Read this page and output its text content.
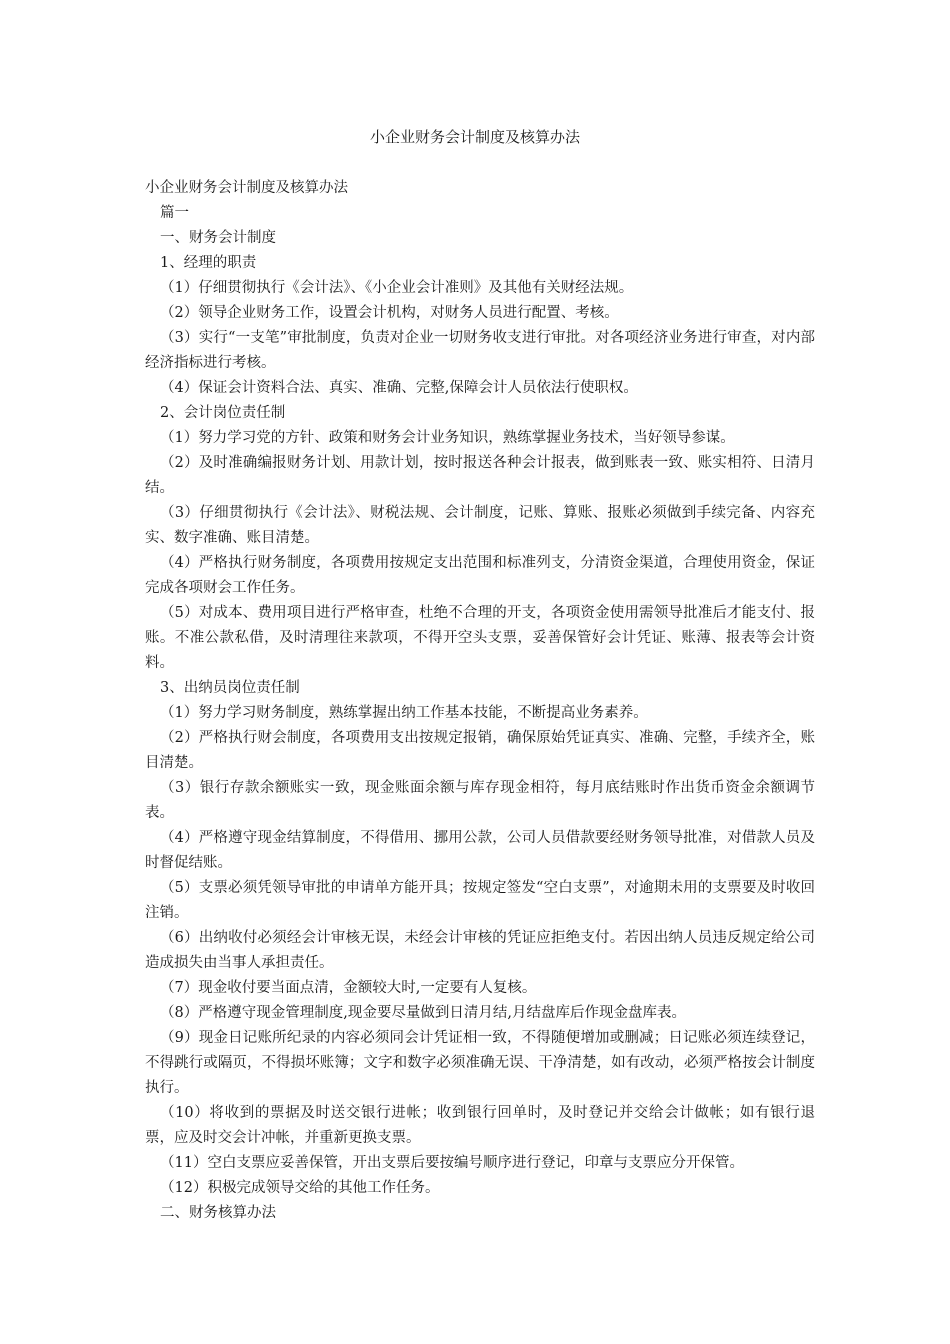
小企业财务会计制度及核算办法

小企业财务会计制度及核算办法

篇一

一、财务会计制度

1、经理的职责

（1）仔细贯彻执行《会计法》、《小企业会计准则》及其他有关财经法规。

（2）领导企业财务工作，设置会计机构，对财务人员进行配置、考核。

（3）实行“一支笔”审批制度，负责对企业一切财务收支进行审批。对各项经济业务进行审查，对内部经济指标进行考核。

（4）保证会计资料合法、真实、准确、完整,保障会计人员依法行使职权。

2、会计岗位责任制

（1）努力学习党的方针、政策和财务会计业务知识，熟练掌握业务技术，当好领导参谋。

（2）及时准确编报财务计划、用款计划，按时报送各种会计报表，做到账表一致、账实相符、日清月结。

（3）仔细贯彻执行《会计法》、财税法规、会计制度，记账、算账、报账必须做到手续完备、内容充实、数字准确、账目清楚。

（4）严格执行财务制度，各项费用按规定支出范围和标准列支，分清资金渠道，合理使用资金，保证完成各项财会工作任务。

（5）对成本、费用项目进行严格审查，杜绝不合理的开支，各项资金使用需领导批准后才能支付、报账。不准公款私借，及时清理往来款项，不得开空头支票，妥善保管好会计凭证、账薄、报表等会计资料。

3、出纳员岗位责任制

（1）努力学习财务制度，熟练掌握出纳工作基本技能，不断提高业务素养。

（2）严格执行财会制度，各项费用支出按规定报销，确保原始凭证真实、准确、完整，手续齐全，账目清楚。

（3）银行存款余额账实一致，现金账面余额与库存现金相符，每月底结账时作出货币资金余额调节表。

（4）严格遵守现金结算制度，不得借用、挪用公款，公司人员借款要经财务领导批准，对借款人员及时督促结账。

（5）支票必须凭领导审批的申请单方能开具；按规定签发“空白支票”，对逾期未用的支票要及时收回注销。

（6）出纳收付必须经会计审核无误，未经会计审核的凭证应拒绝支付。若因出纳人员违反规定给公司造成损失由当事人承担责任。

（7）现金收付要当面点清，金额较大时,一定要有人复核。

（8）严格遵守现金管理制度,现金要尽量做到日清月结,月结盘库后作现金盘库表。

（9）现金日记账所纪录的内容必须同会计凭证相一致，不得随便增加或删减；日记账必须连续登记，不得跳行或隔页，不得损坏账簿；文字和数字必须准确无误、干净清楚，如有改动，必须严格按会计制度执行。

（10）将收到的票据及时送交银行进帐；收到银行回单时，及时登记并交给会计做帐；如有银行退票，应及时交会计冲帐，并重新更换支票。

（11）空白支票应妥善保管，开出支票后要按编号顺序进行登记，印章与支票应分开保管。

（12）积极完成领导交给的其他工作任务。

二、财务核算办法
